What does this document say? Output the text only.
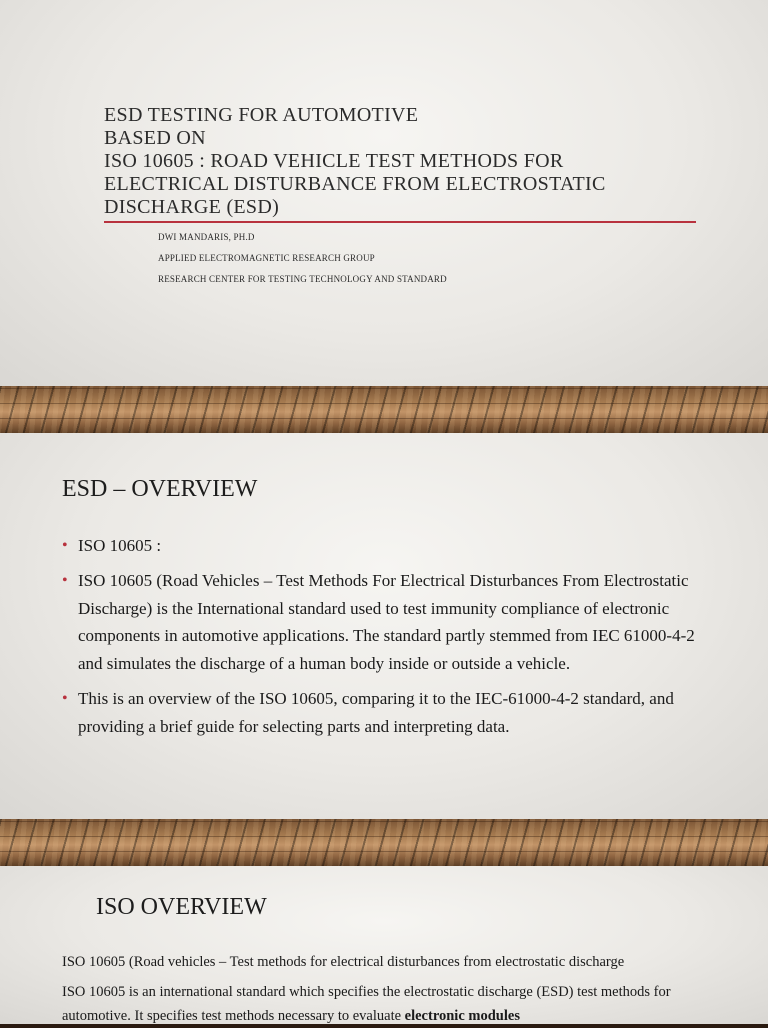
ESD TESTING FOR AUTOMOTIVE
BASED ON
ISO 10605 : ROAD VEHICLE TEST METHODS FOR
ELECTRICAL DISTURBANCE FROM ELECTROSTATIC
DISCHARGE (ESD)
DWI MANDARIS, PH.D
APPLIED ELECTROMAGNETIC RESEARCH GROUP
RESEARCH CENTER FOR TESTING TECHNOLOGY AND STANDARD
ESD – OVERVIEW
• ISO 10605 :
• ISO 10605 (Road Vehicles – Test Methods For Electrical Disturbances From Electrostatic Discharge) is the International standard used to test immunity compliance of electronic components in automotive applications. The standard partly stemmed from IEC 61000-4-2 and simulates the discharge of a human body inside or outside a vehicle.
• This is an overview of the ISO 10605, comparing it to the IEC-61000-4-2 standard, and providing a brief guide for selecting parts and interpreting data.
ISO OVERVIEW

ISO 10605 (Road vehicles – Test methods for electrical disturbances from electrostatic discharge

ISO 10605 is an international standard which specifies the electrostatic discharge (ESD) test methods for automotive. It specifies test methods necessary to evaluate electronic modules
